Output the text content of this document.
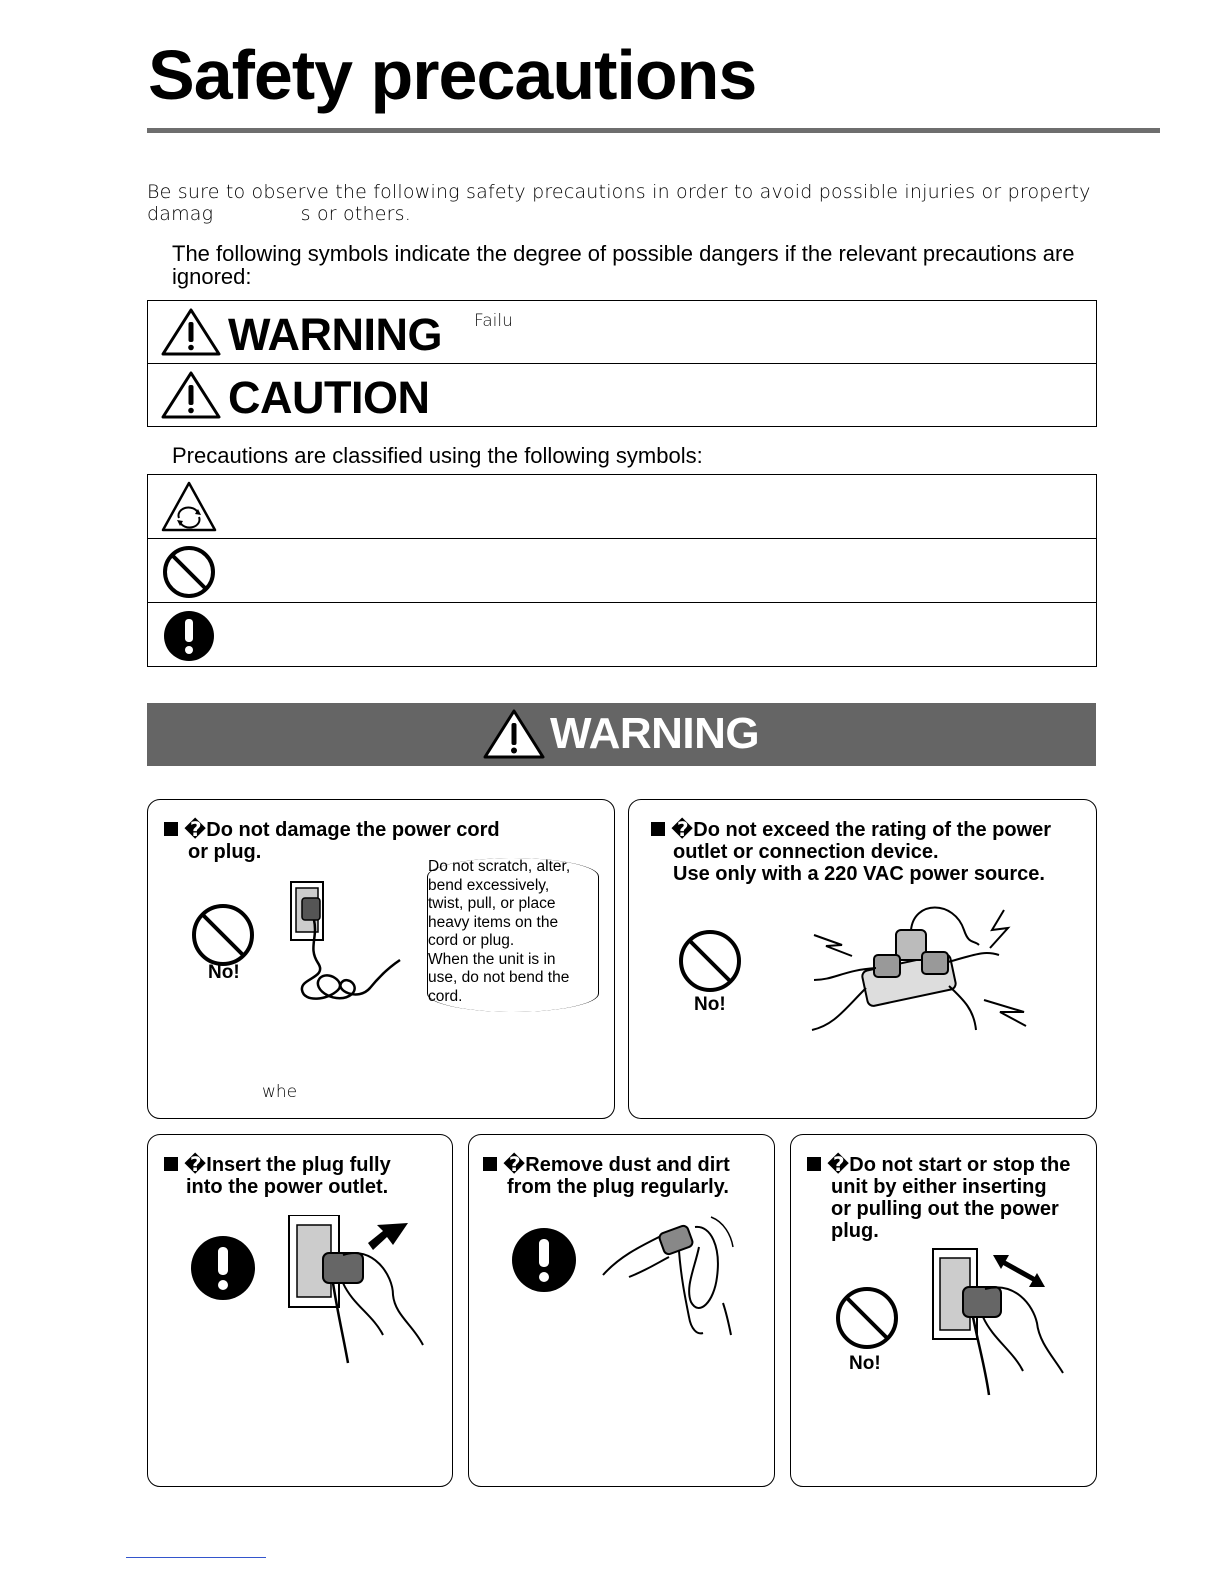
Safety precautions
Be sure to observe the following safety precautions in order to avoid possible injuries or property
damag              s or others.
The following symbols indicate the degree of possible dangers if the relevant precautions are ignored:
WARNING Failu
CAUTION
Precautions are classified using the following symbols:
WARNING
�Do not damage the power cord
or plug.
No!
Do not scratch, alter,
bend excessively,
twist, pull, or place
heavy items on the
cord or plug.
When the unit is in
use, do not bend the
cord.
whe
�Do not exceed the rating of the power
outlet or connection device.
Use only with a 220 VAC power source.
No!
�Insert the plug fully
into the power outlet.
�Remove dust and dirt
from the plug regularly.
�Do not start or stop the
unit by either inserting
or pulling out the power
plug.
No!
